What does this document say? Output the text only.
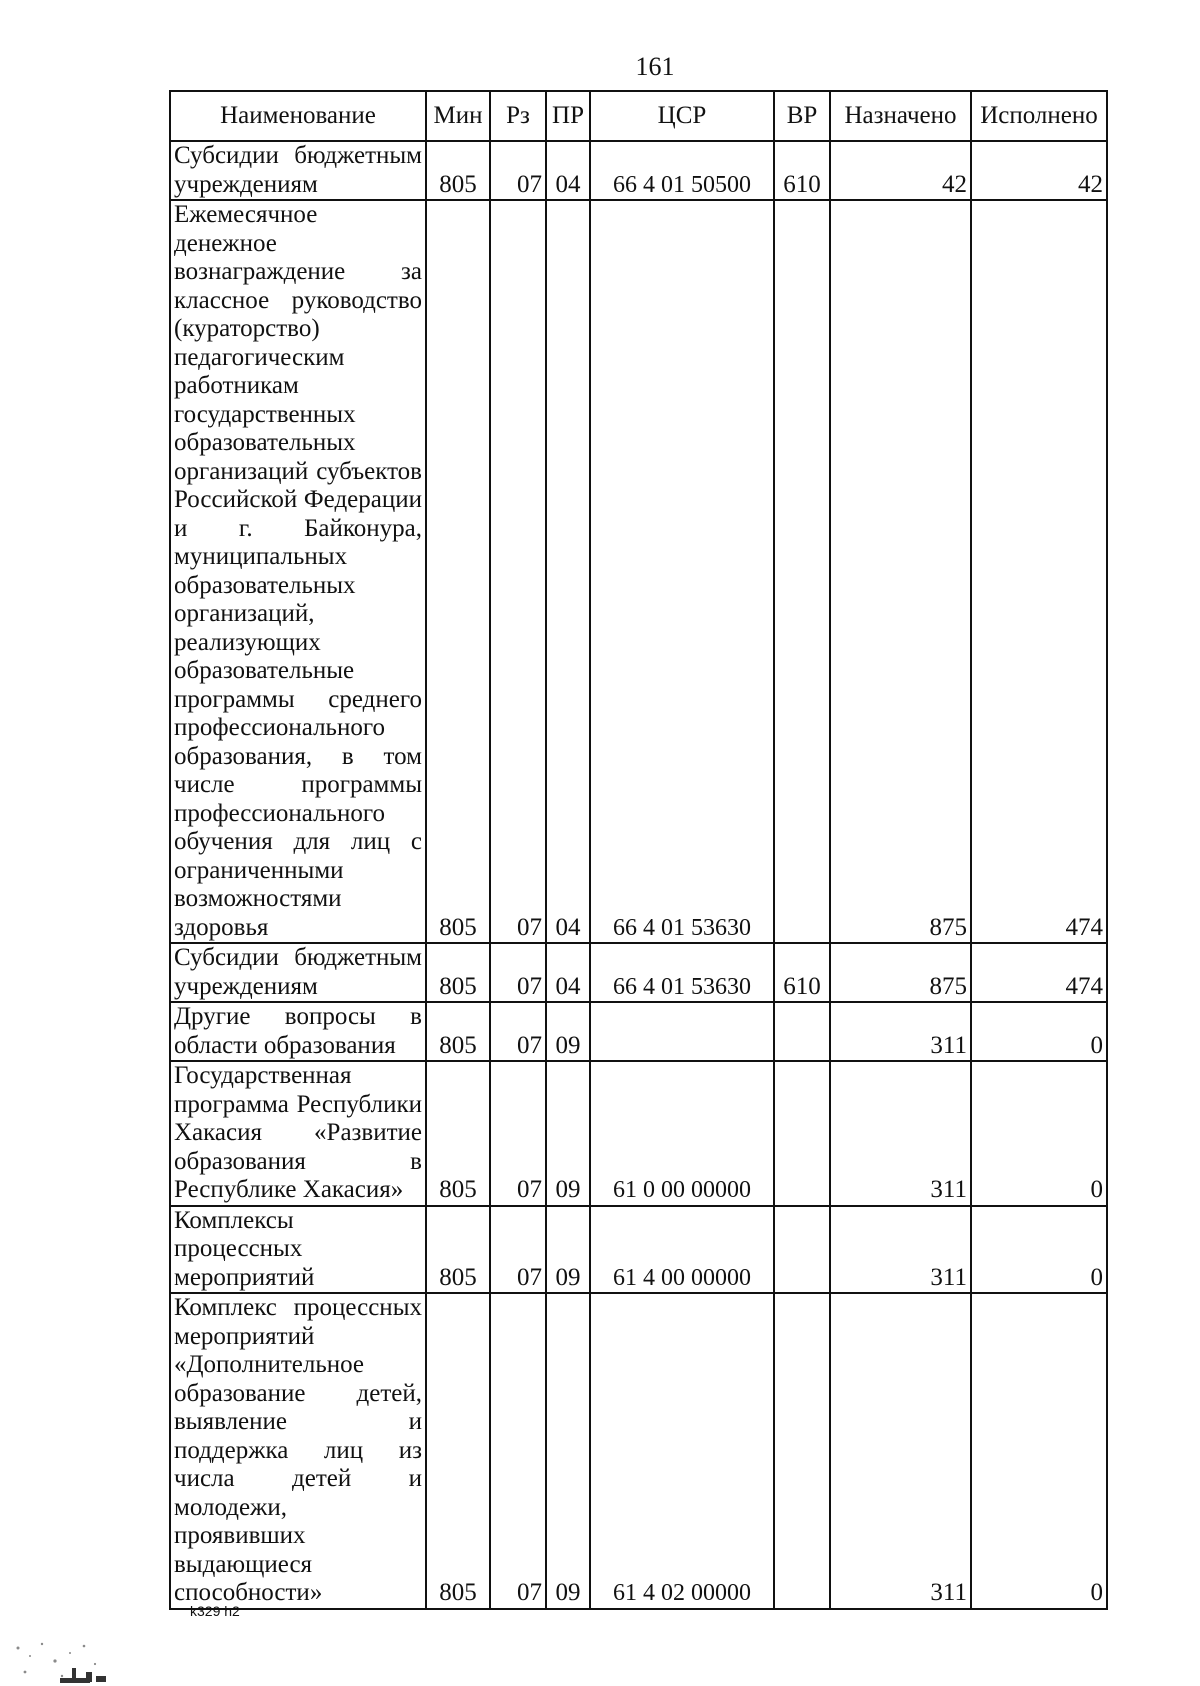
161
Наименование	Мин	Рз	ПР	ЦСР	ВР	Назначено	Исполнено
Субсидии бюджетным учреждениям	805	07	04	66 4 01 50500	610	42	42
Ежемесячное денежное вознаграждение за классное руководство (кураторство) педагогическим работникам государственных образовательных организаций субъектов Российской Федерации и г. Байконура, муниципальных образовательных организаций, реализующих образовательные программы среднего профессионального образования, в том числе программы профессионального обучения для лиц с ограниченными возможностями здоровья	805	07	04	66 4 01 53630		875	474
Субсидии бюджетным учреждениям	805	07	04	66 4 01 53630	610	875	474
Другие вопросы в области образования	805	07	09			311	0
Государственная программа Республики Хакасия «Развитие образования в Республике Хакасия»	805	07	09	61 0 00 00000		311	0
Комплексы процессных мероприятий	805	07	09	61 4 00 00000		311	0
Комплекс процессных мероприятий «Дополнительное образование детей, выявление и поддержка лиц из числа детей и молодежи, проявивших выдающиеся способности»	805	07	09	61 4 02 00000		311	0
k329 h2
